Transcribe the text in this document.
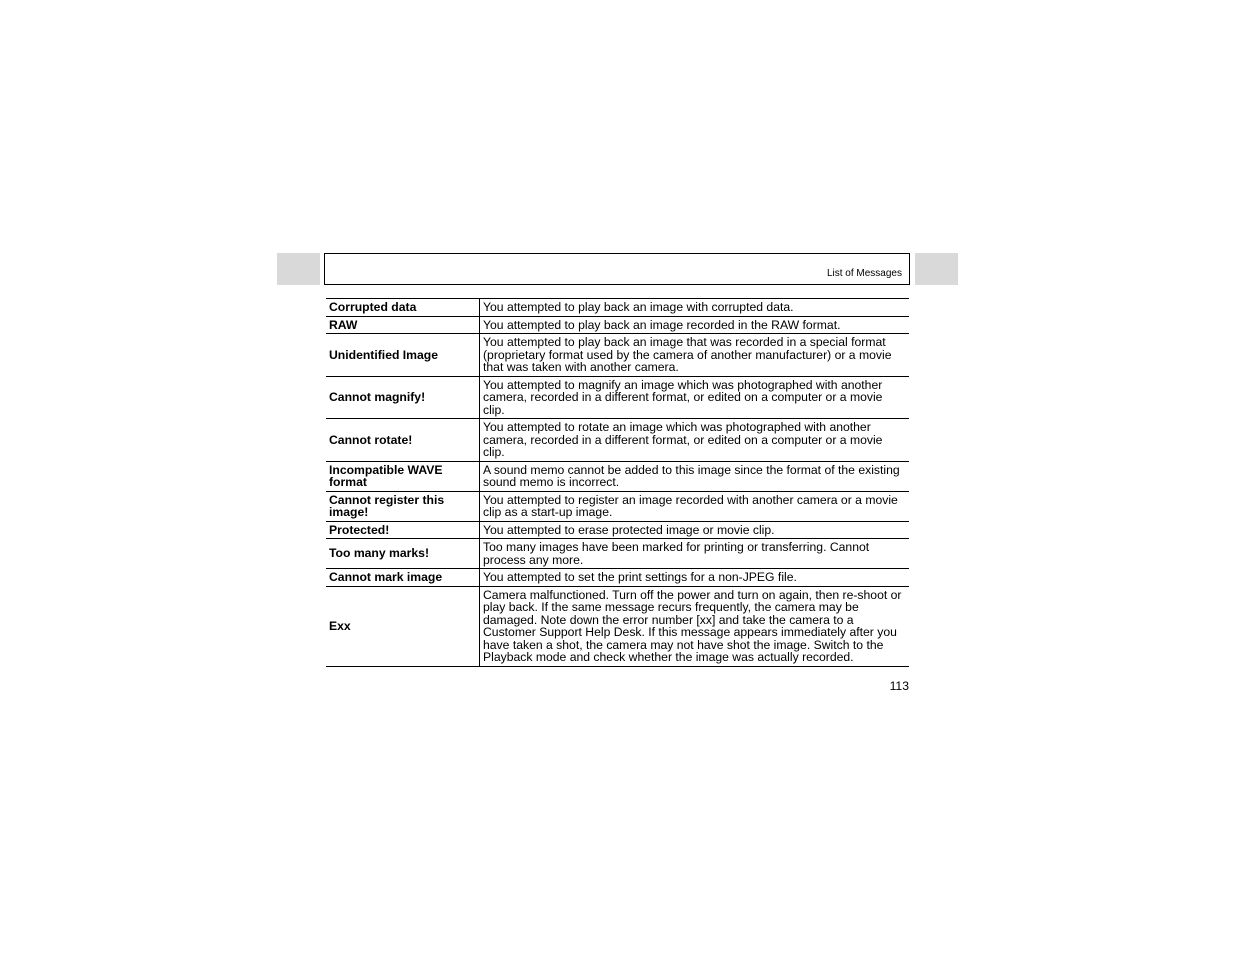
List of Messages
Corrupted data	You attempted to play back an image with corrupted data.
RAW	You attempted to play back an image recorded in the RAW format.
Unidentified Image	You attempted to play back an image that was recorded in a special format (proprietary format used by the camera of another manufacturer) or a movie that was taken with another camera.
Cannot magnify!	You attempted to magnify an image which was photographed with another camera, recorded in a different format, or edited on a computer or a movie clip.
Cannot rotate!	You attempted to rotate an image which was photographed with another camera, recorded in a different format, or edited on a computer or a movie clip.
Incompatible WAVE format	A sound memo cannot be added to this image since the format of the existing sound memo is incorrect.
Cannot register this image!	You attempted to register an image recorded with another camera or a movie clip as a start-up image.
Protected!	You attempted to erase protected image or movie clip.
Too many marks!	Too many images have been marked for printing or transferring. Cannot process any more.
Cannot mark image	You attempted to set the print settings for a non-JPEG file.
Exx	Camera malfunctioned. Turn off the power and turn on again, then re-shoot or play back. If the same message recurs frequently, the camera may be damaged. Note down the error number [xx] and take the camera to a Customer Support Help Desk. If this message appears immediately after you have taken a shot, the camera may not have shot the image. Switch to the Playback mode and check whether the image was actually recorded.
113
